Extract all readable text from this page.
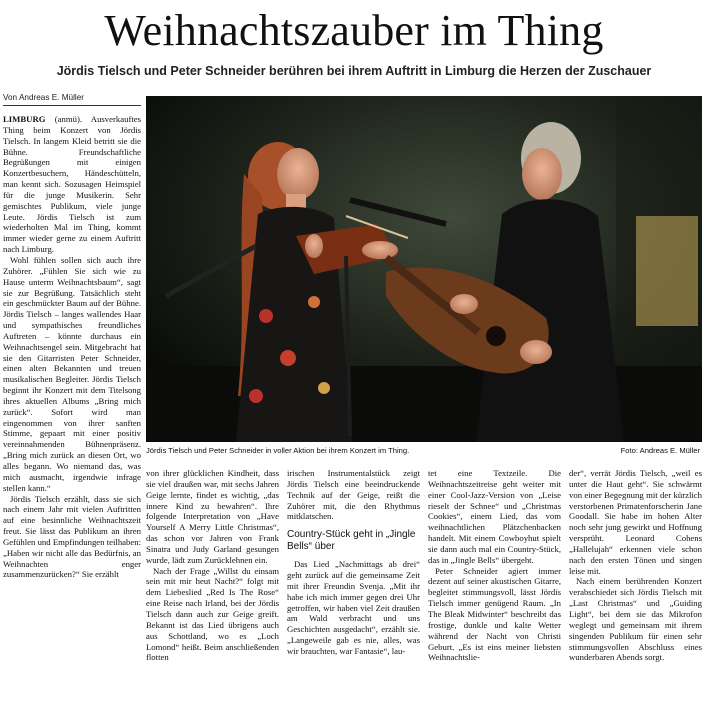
Weihnachtszauber im Thing
Jördis Tielsch und Peter Schneider berühren bei ihrem Auftritt in Limburg die Herzen der Zuschauer
Von Andreas E. Müller

LIMBURG (anmü). Ausverkauftes Thing beim Konzert von Jördis Tielsch. In langem Kleid betritt sie die Bühne. Freundschaftliche Begrüßungen mit einigen Konzertbesuchern, Händeschütteln, man kennt sich. Sozusagen Heimspiel für die junge Musikerin. Sehr gemischtes Publikum, viele junge Leute. Jördis Tielsch ist zum wiederholten Mal im Thing, kommt immer wieder gerne zu einem Auftritt nach Limburg.

Wohl fühlen sollen sich auch ihre Zuhörer. „Fühlen Sie sich wie zu Hause unterm Weihnachtsbaum“, sagt sie zur Begrüßung. Tatsächlich steht ein geschmückter Baum auf der Bühne. Jördis Tielsch – langes wallendes Haar und sympathisches freundliches Auftreten – könnte durchaus ein Weihnachtsengel sein. Mitgebracht hat sie den Gitarristen Peter Schneider, einen alten Bekannten und treuen musikalischen Begleiter. Jördis Tielsch beginnt ihr Konzert mit dem Titelsong ihres aktuellen Albums „Bring mich zurück“. Sofort wird man eingenommen von ihrer sanften Stimme, gepaart mit einer positiv vereinnahmenden Bühnenpräsenz. „Bring mich zurück an diesen Ort, wo alles begann. Wo niemand das, was mich ausmacht, irgendwie infrage stellen kann.“

Jördis Tielsch erzählt, dass sie sich nach einem Jahr mit vielen Auftritten auf eine besinnliche Weihnachtszeit freut. Sie lässt das Publikum an ihren Gefühlen und Empfindungen teilhaben: „Haben wir nicht alle das Bedürfnis, an Weihnachten enger zusammenzurücken?“ Sie erzählt

Jördis Tielsch und Peter Schneider in voller Aktion bei ihrem Konzert im Thing.	Foto: Andreas E. Müller

von ihrer glücklichen Kindheit, dass sie viel draußen war, mit sechs Jahren Geige lernte, findet es wichtig, „das innere Kind zu bewahren“. Ihre folgende Interpretation von „Have Yourself A Merry Little Christmas“, das schon vor Jahren von Frank Sinatra und Judy Garland gesungen wurde, lädt zum Zurücklehnen ein.

Nach der Frage „Willst du einsam sein mit mir heut Nacht?“ folgt mit dem Liebeslied „Red Is The Rose“ eine Reise nach Irland, bei der Jördis Tielsch dann auch zur Geige greift. Bekannt ist das Lied übrigens auch aus Schottland, wo es „Loch Lomond“ heißt. Beim anschließenden flotten

irischen Instrumentalstück zeigt Jördis Tielsch eine beeindruckende Technik auf der Geige, reißt die Zuhörer mit, die den Rhythmus mitklatschen.

Country-Stück geht in „Jingle Bells“ über

Das Lied „Nachmittags ab drei“ geht zurück auf die gemeinsame Zeit mit ihrer Freundin Svenja. „Mit ihr habe ich mich immer gegen drei Uhr getroffen, wir haben viel Zeit draußen am Wald verbracht und uns Geschichten ausgedacht“, erzählt sie. „Langeweile gab es nie, alles, was wir brauchten, war Fantasie“, lau-

tet eine Textzeile. Die Weihnachtszeitreise geht weiter mit einer Cool-Jazz-Version von „Leise rieselt der Schnee“ und „Christmas Cookies“, einem Lied, das vom weihnachtlichen Plätzchenbacken handelt. Mit einem Cowboyhut spielt sie dann auch mal ein Country-Stück, das in „Jingle Bells“ übergeht.

Peter Schneider agiert immer dezent auf seiner akustischen Gitarre, begleitet stimmungsvoll, lässt Jördis Tielsch immer genügend Raum. „In The Bleak Midwinter“ beschreibt das frostige, dunkle und kalte Wetter während der Nacht von Christi Geburt. „Es ist eins meiner liebsten Weihnachtslie-

der“, verrät Jördis Tielsch, „weil es unter die Haut geht“. Sie schwärmt von einer Begegnung mit der kürzlich verstorbenen Primatenforscherin Jane Goodall. Sie habe im hohen Alter noch sehr jung gewirkt und Hoffnung versprüht. Leonard Cohens „Hallelujah“ erkennen viele schon nach den ersten Tönen und singen leise mit.

Nach einem berührenden Konzert verabschiedet sich Jördis Tielsch mit „Last Christmas“ und „Guiding Light“, bei dem sie das Mikrofon weglegt und gemeinsam mit ihrem singenden Publikum für einen sehr stimmungsvollen Abschluss eines wunderbaren Abends sorgt.
